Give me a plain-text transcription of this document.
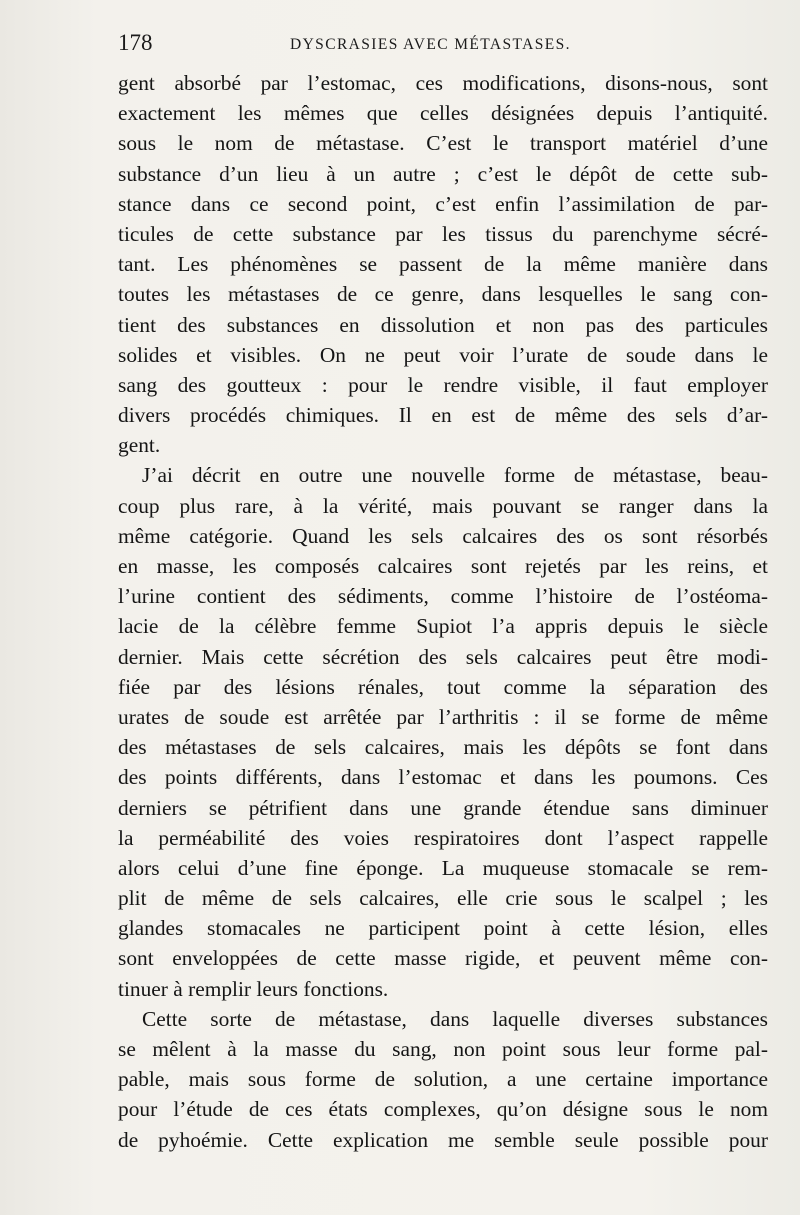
178	DYSCRASIES AVEC MÉTASTASES.
gent absorbé par l’estomac, ces modifications, disons-nous, sont
exactement les mêmes que celles désignées depuis l’antiquité.
sous le nom de métastase. C’est le transport matériel d’une
substance d’un lieu à un autre ; c’est le dépôt de cette sub-
stance dans ce second point, c’est enfin l’assimilation de par-
ticules de cette substance par les tissus du parenchyme sécré-
tant. Les phénomènes se passent de la même manière dans
toutes les métastases de ce genre, dans lesquelles le sang con-
tient des substances en dissolution et non pas des particules
solides et visibles. On ne peut voir l’urate de soude dans le
sang des goutteux : pour le rendre visible, il faut employer
divers procédés chimiques. Il en est de même des sels d’ar-
gent.
J’ai décrit en outre une nouvelle forme de métastase, beau-
coup plus rare, à la vérité, mais pouvant se ranger dans la
même catégorie. Quand les sels calcaires des os sont résorbés
en masse, les composés calcaires sont rejetés par les reins, et
l’urine contient des sédiments, comme l’histoire de l’ostéoma-
lacie de la célèbre femme Supiot l’a appris depuis le siècle
dernier. Mais cette sécrétion des sels calcaires peut être modi-
fiée par des lésions rénales, tout comme la séparation des
urates de soude est arrêtée par l’arthritis : il se forme de même
des métastases de sels calcaires, mais les dépôts se font dans
des points différents, dans l’estomac et dans les poumons. Ces
derniers se pétrifient dans une grande étendue sans diminuer
la perméabilité des voies respiratoires dont l’aspect rappelle
alors celui d’une fine éponge. La muqueuse stomacale se rem-
plit de même de sels calcaires, elle crie sous le scalpel ; les
glandes stomacales ne participent point à cette lésion, elles
sont enveloppées de cette masse rigide, et peuvent même con-
tinuer à remplir leurs fonctions.
Cette sorte de métastase, dans laquelle diverses substances
se mêlent à la masse du sang, non point sous leur forme pal-
pable, mais sous forme de solution, a une certaine importance
pour l’étude de ces états complexes, qu’on désigne sous le nom
de pyhoémie. Cette explication me semble seule possible pour
